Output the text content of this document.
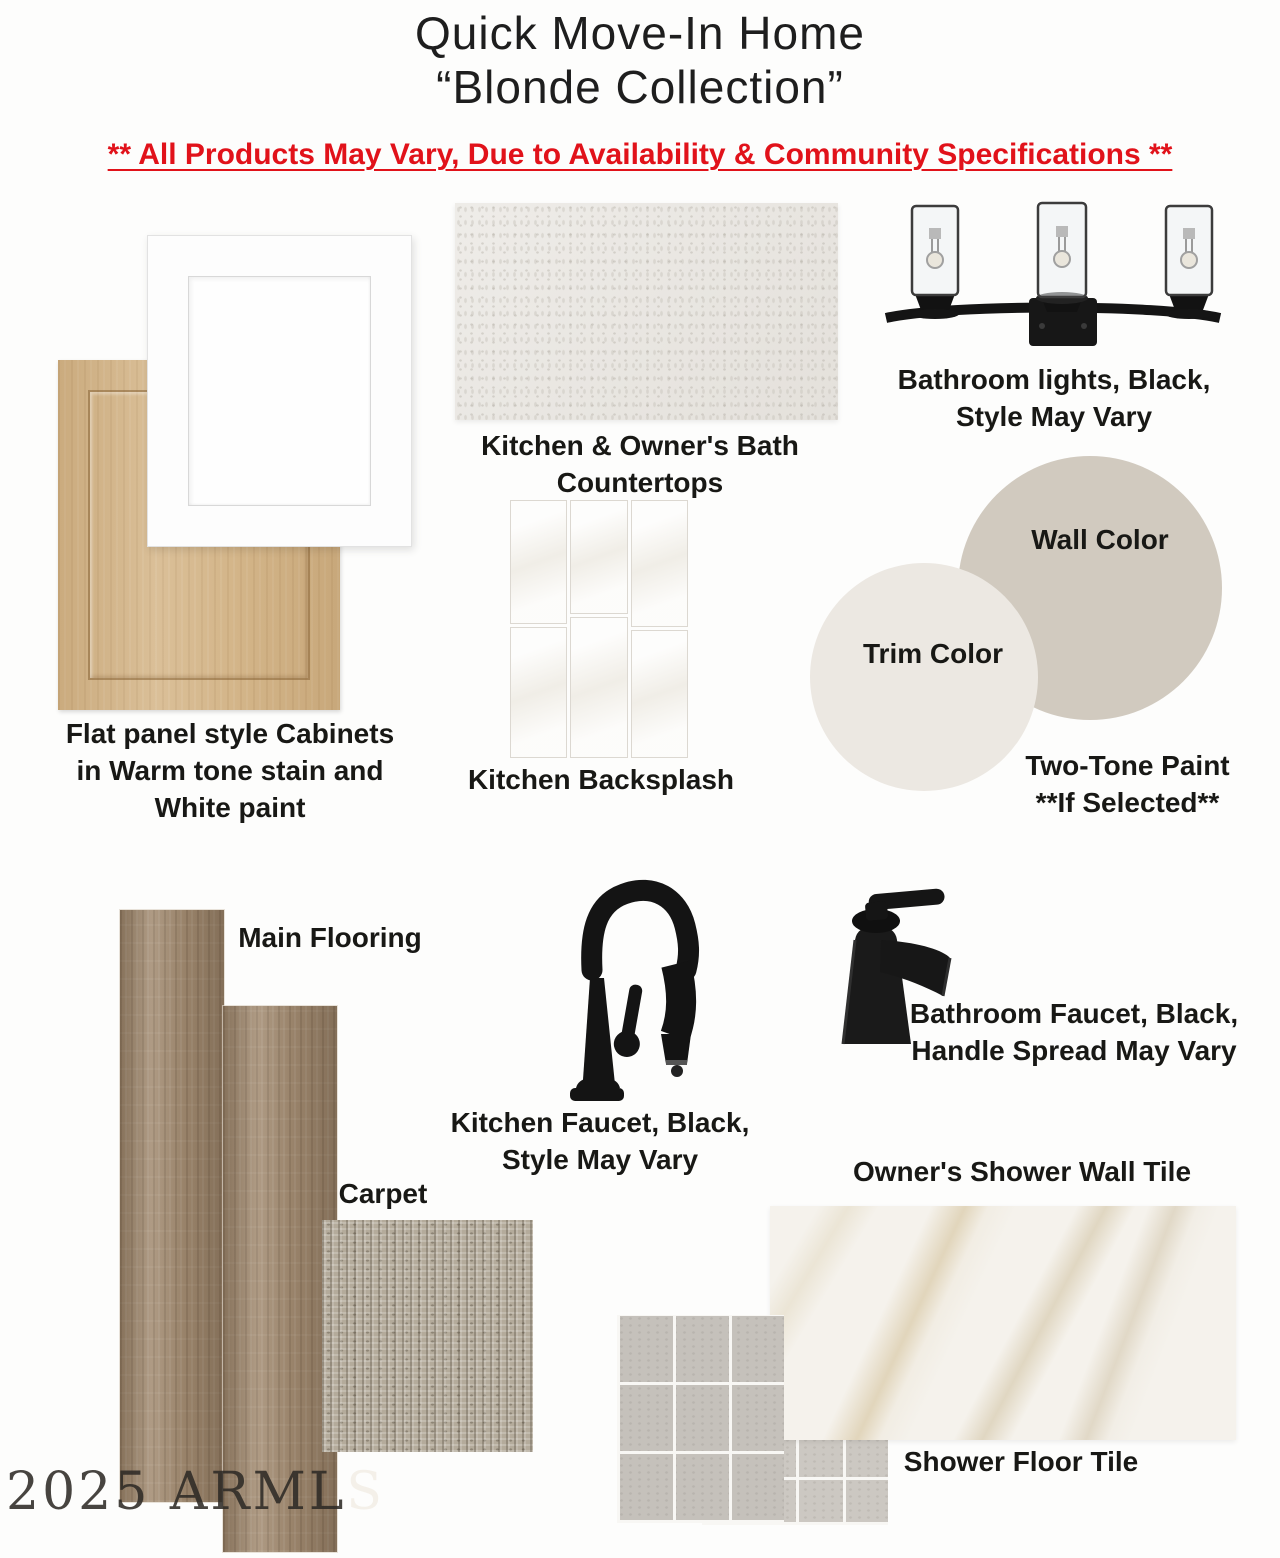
Quick Move-In Home
“Blonde Collection”
** All Products May Vary, Due to Availability & Community Specifications **
Flat panel style Cabinets
in Warm tone stain and
White paint
Kitchen & Owner's Bath
Countertops
Bathroom lights, Black,
Style May Vary
Kitchen Backsplash
Wall Color
Trim Color
Two-Tone Paint
**If Selected**
Kitchen Faucet, Black,
Style May Vary
Bathroom Faucet, Black,
Handle Spread May Vary
Main Flooring
Carpet
Owner's Shower Wall Tile
Shower Floor Tile
2025 ARMLS
